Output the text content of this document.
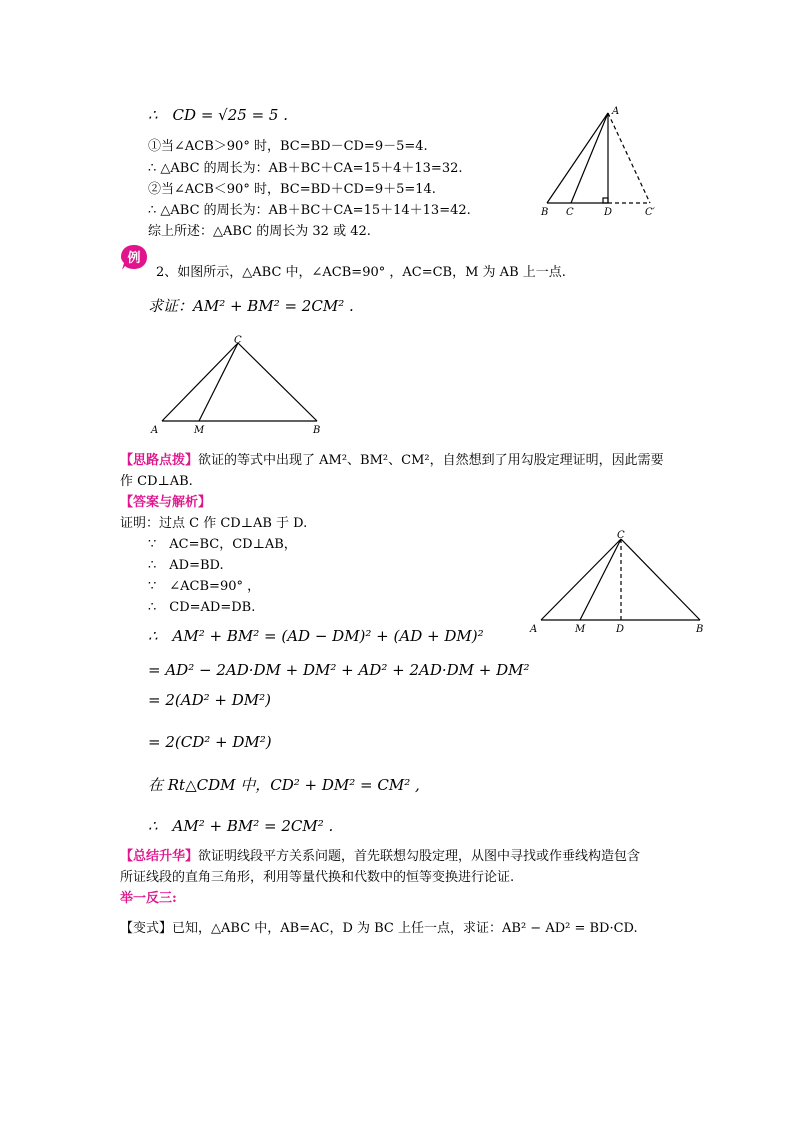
∴　CD = √25 = 5 .
①当∠ACB＞90° 时，BC=BD－CD=9－5=4.
∴ △ABC 的周长为：AB＋BC＋CA=15＋4＋13=32.
②当∠ACB＜90° 时，BC=BD＋CD=9＋5=14.
∴ △ABC 的周长为：AB＋BC＋CA=15＋14＋13=42.
综上所述：△ABC 的周长为 32 或 42.
A
B C	D	C′
例
2、如图所示，△ABC 中，∠ACB=90° ，AC=CB，M 为 AB 上一点.
求证：AM² + BM² = 2CM² .
C
A	M	B
【思路点拨】欲证的等式中出现了 AM²、BM²、CM²，自然想到了用勾股定理证明，因此需要
作 CD⊥AB.
【答案与解析】
证明：过点 C 作 CD⊥AB 于 D.
∵　AC=BC，CD⊥AB，
∴　AD=BD.
∵　∠ACB=90° ，
∴　CD=AD=DB.
∴　AM² + BM² = (AD − DM)² + (AD + DM)²
= AD² − 2AD·DM + DM² + AD² + 2AD·DM + DM²
= 2(AD² + DM²)
= 2(CD² + DM²)
在 Rt△CDM 中，CD² + DM² = CM² ,
∴　AM² + BM² = 2CM² .
C
A	M	D	B
【总结升华】欲证明线段平方关系问题，首先联想勾股定理，从图中寻找或作垂线构造包含
所证线段的直角三角形，利用等量代换和代数中的恒等变换进行论证.
举一反三:
【变式】已知，△ABC 中，AB=AC，D 为 BC 上任一点，求证：AB² − AD² = BD·CD.
